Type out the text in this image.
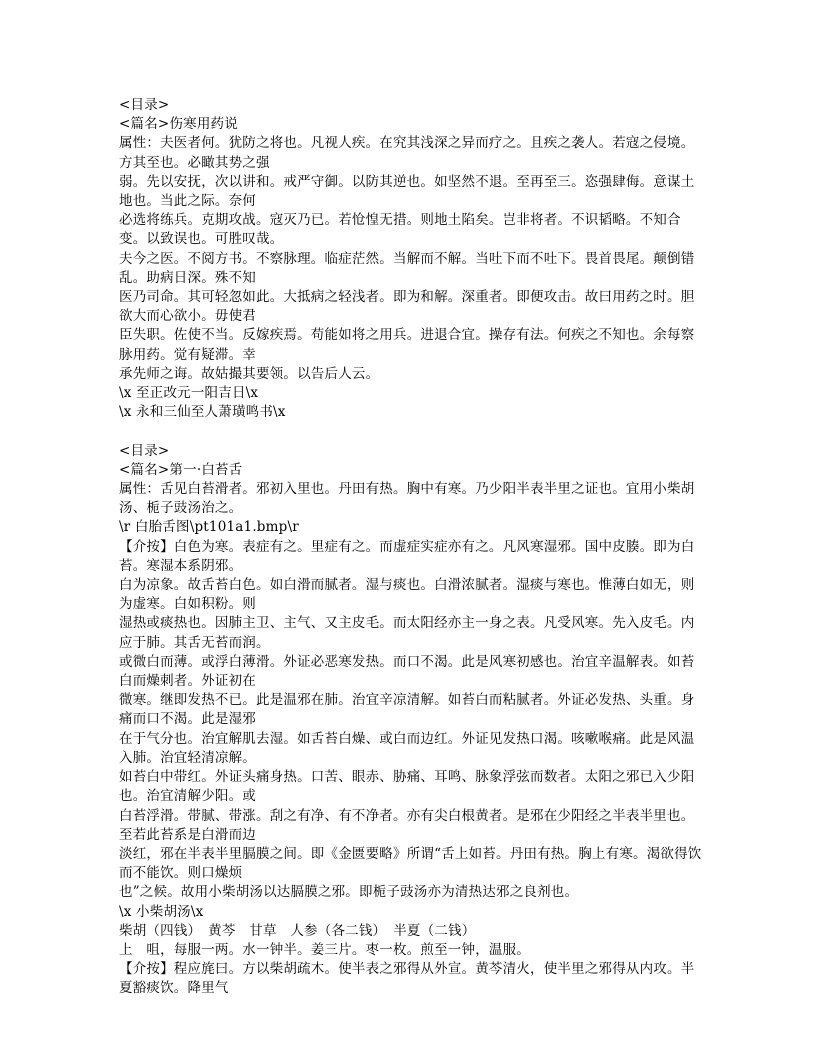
<目录>
<篇名>伤寒用药说
属性：夫医者何。犹防之将也。凡视人疾。在究其浅深之异而疗之。且疾之袭人。若寇之侵境。方其至也。必瞰其势之强
弱。先以安抚，次以讲和。戒严守御。以防其逆也。如坚然不退。至再至三。恣强肆侮。意谋土地也。当此之际。奈何
必选将练兵。克期攻战。寇灭乃已。若怆惶无措。则地土陷矣。岂非将者。不识韬略。不知合变。以致误也。可胜叹哉。
夫今之医。不阅方书。不察脉理。临症茫然。当解而不解。当吐下而不吐下。畏首畏尾。颠倒错乱。助病日深。殊不知
医乃司命。其可轻忽如此。大抵病之轻浅者。即为和解。深重者。即便攻击。故曰用药之时。胆欲大而心欲小。毋使君
臣失职。佐使不当。反嫁疾焉。苟能如将之用兵。进退合宜。操存有法。何疾之不知也。余每察脉用药。觉有疑滞。幸
承先师之诲。故姑撮其要领。以告后人云。
\x 至正改元一阳吉日\x
\x 永和三仙至人萧璜鸣书\x
<目录>
<篇名>第一·白苔舌
属性：舌见白苔滑者。邪初入里也。丹田有热。胸中有寒。乃少阳半表半里之证也。宜用小柴胡汤、栀子豉汤治之。
\r 白胎舌图\pt101a1.bmp\r
【介按】白色为寒。表症有之。里症有之。而虚症实症亦有之。凡风寒湿邪。国中皮腠。即为白苔。寒湿本系阴邪。
白为凉象。故舌苔白色。如白滑而腻者。湿与痰也。白滑浓腻者。湿痰与寒也。惟薄白如无，则为虚寒。白如积粉。则
湿热或痰热也。因肺主卫、主气、又主皮毛。而太阳经亦主一身之表。凡受风寒。先入皮毛。内应于肺。其舌无苔而润。
或微白而薄。或浮白薄滑。外证必恶寒发热。而口不渴。此是风寒初感也。治宜辛温解表。如苔白而燥刺者。外证初在
微寒。继即发热不已。此是温邪在肺。治宜辛凉清解。如苔白而粘腻者。外证必发热、头重。身痛而口不渴。此是湿邪
在于气分也。治宜解肌去湿。如舌苔白燥、或白而边红。外证见发热口渴。咳嗽喉痛。此是风温入肺。治宜轻清凉解。
如苔白中带红。外证头痛身热。口苦、眼赤、胁痛、耳鸣、脉象浮弦而数者。太阳之邪已入少阳也。治宜清解少阳。或
白苔浮滑。带腻、带涨。刮之有净、有不净者。亦有尖白根黄者。是邪在少阳经之半表半里也。至若此苔系是白滑而边
淡红，邪在半表半里膈膜之间。即《金匮要略》所谓“舌上如苔。丹田有热。胸上有寒。渴欲得饮而不能饮。则口燥烦
也”之候。故用小柴胡汤以达膈膜之邪。即栀子豉汤亦为清热达邪之良剂也。
\x 小柴胡汤\x
柴胡（四钱）　黄芩　甘草　人参（各二钱）　半夏（二钱）
上　咀，每服一两。水一钟半。姜三片。枣一枚。煎至一钟，温服。
【介按】程应旄曰。方以柴胡疏木。使半表之邪得从外宣。黄芩清火，使半里之邪得从内攻。半夏豁痰饮。降里气
